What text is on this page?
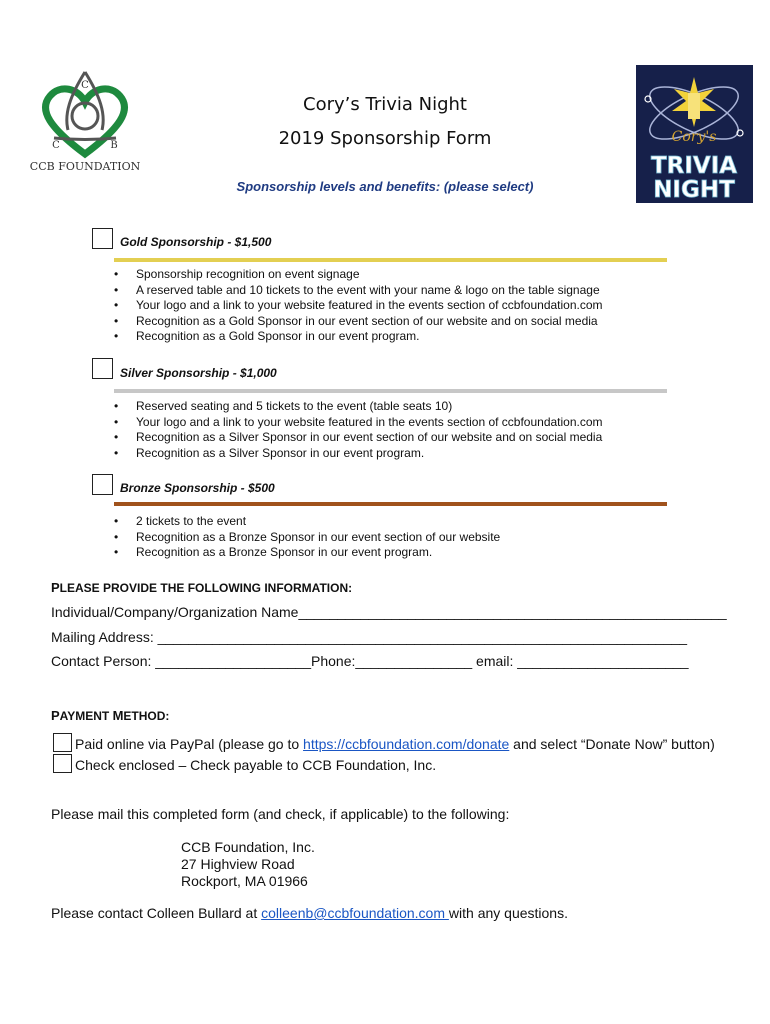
C
C	B
CCB FOUNDATION
Cory’s Trivia Night
2019 Sponsorship Form
Sponsorship levels and benefits: (please select)
Cory's
TRIVIA
NIGHT
Gold Sponsorship - $1,500
• Sponsorship recognition on event signage
• A reserved table and 10 tickets to the event with your name & logo on the table signage
• Your logo and a link to your website featured in the events section of ccbfoundation.com
• Recognition as a Gold Sponsor in our event section of our website and on social media
• Recognition as a Gold Sponsor in our event program.
Silver Sponsorship - $1,000
• Reserved seating and 5 tickets to the event (table seats 10)
• Your logo and a link to your website featured in the events section of ccbfoundation.com
• Recognition as a Silver Sponsor in our event section of our website and on social media
• Recognition as a Silver Sponsor in our event program.
Bronze Sponsorship - $500
• 2 tickets to the event
• Recognition as a Bronze Sponsor in our event section of our website
• Recognition as a Bronze Sponsor in our event program.
PLEASE PROVIDE THE FOLLOWING INFORMATION:
Individual/Company/Organization Name_______________________________________________________
Mailing Address: ____________________________________________________________________
Contact Person: ____________________Phone:_______________ email: ______________________
PAYMENT METHOD:
Paid online via PayPal (please go to https://ccbfoundation.com/donate and select “Donate Now” button)
Check enclosed – Check payable to CCB Foundation, Inc.
Please mail this completed form (and check, if applicable) to the following:
CCB Foundation, Inc.
27 Highview Road
Rockport, MA 01966
Please contact Colleen Bullard at colleenb@ccbfoundation.com with any questions.
